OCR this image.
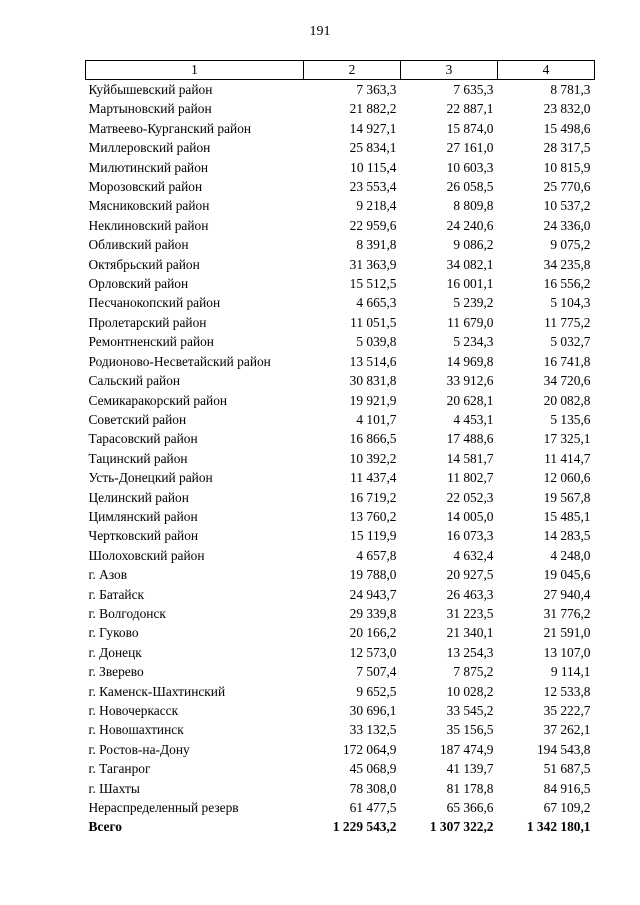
191
1	2	3	4
Куйбышевский район	7 363,3	7 635,3	8 781,3
Мартыновский район	21 882,2	22 887,1	23 832,0
Матвеево-Курганский район	14 927,1	15 874,0	15 498,6
Миллеровский район	25 834,1	27 161,0	28 317,5
Милютинский район	10 115,4	10 603,3	10 815,9
Морозовский район	23 553,4	26 058,5	25 770,6
Мясниковский район	9 218,4	8 809,8	10 537,2
Неклиновский район	22 959,6	24 240,6	24 336,0
Обливский район	8 391,8	9 086,2	9 075,2
Октябрьский район	31 363,9	34 082,1	34 235,8
Орловский район	15 512,5	16 001,1	16 556,2
Песчанокопский район	4 665,3	5 239,2	5 104,3
Пролетарский район	11 051,5	11 679,0	11 775,2
Ремонтненский район	5 039,8	5 234,3	5 032,7
Родионово-Несветайский район	13 514,6	14 969,8	16 741,8
Сальский район	30 831,8	33 912,6	34 720,6
Семикаракорский район	19 921,9	20 628,1	20 082,8
Советский район	4 101,7	4 453,1	5 135,6
Тарасовский район	16 866,5	17 488,6	17 325,1
Тацинский район	10 392,2	14 581,7	11 414,7
Усть-Донецкий район	11 437,4	11 802,7	12 060,6
Целинский район	16 719,2	22 052,3	19 567,8
Цимлянский район	13 760,2	14 005,0	15 485,1
Чертковский район	15 119,9	16 073,3	14 283,5
Шолоховский район	4 657,8	4 632,4	4 248,0
г. Азов	19 788,0	20 927,5	19 045,6
г. Батайск	24 943,7	26 463,3	27 940,4
г. Волгодонск	29 339,8	31 223,5	31 776,2
г. Гуково	20 166,2	21 340,1	21 591,0
г. Донецк	12 573,0	13 254,3	13 107,0
г. Зверево	7 507,4	7 875,2	9 114,1
г. Каменск-Шахтинский	9 652,5	10 028,2	12 533,8
г. Новочеркасск	30 696,1	33 545,2	35 222,7
г. Новошахтинск	33 132,5	35 156,5	37 262,1
г. Ростов-на-Дону	172 064,9	187 474,9	194 543,8
г. Таганрог	45 068,9	41 139,7	51 687,5
г. Шахты	78 308,0	81 178,8	84 916,5
Нераспределенный резерв	61 477,5	65 366,6	67 109,2
Всего	1 229 543,2	1 307 322,2	1 342 180,1
